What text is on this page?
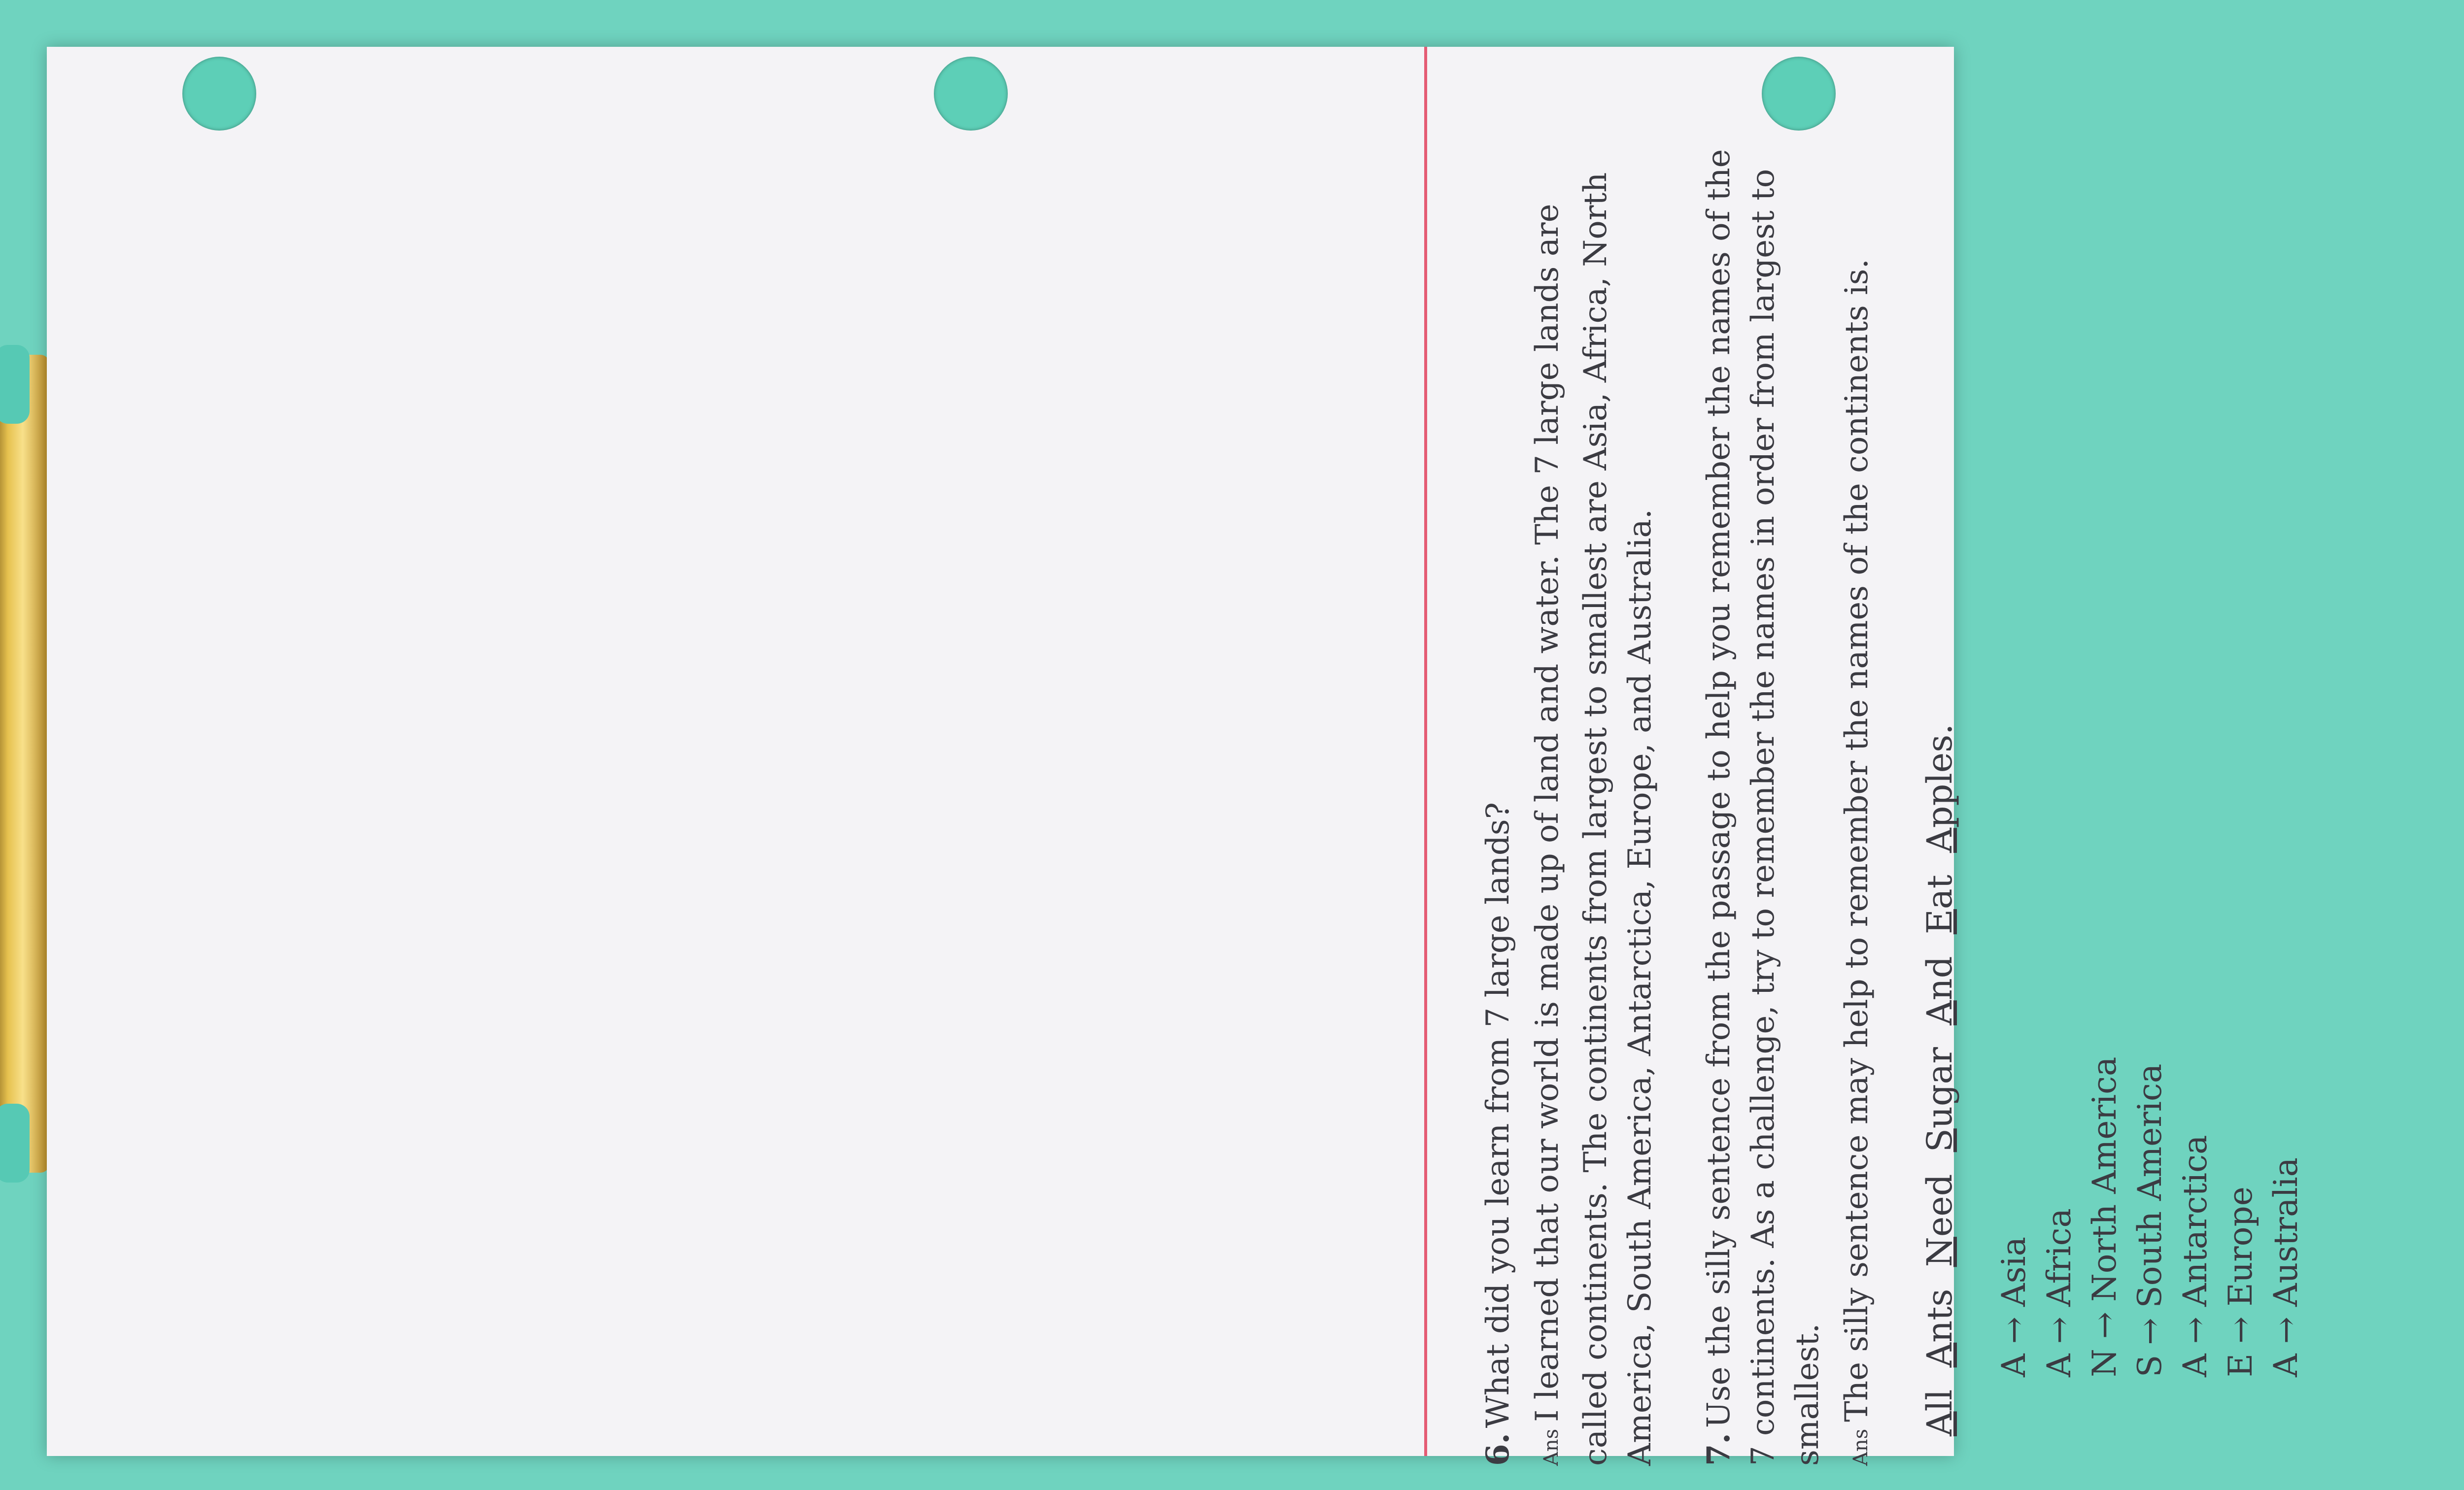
6.What did you learn from 7 large lands?
AnsI learned that our world is made up of land and water. The 7 large lands are called continents. The continents from largest to smallest are Asia, Africa, North America, South America, Antarctica, Europe, and Australia. 7.Use the silly sentence from the passage to help you remember the names of the 7 continents. As a challenge, try to remember the names in order from largest to smallest.	AnsThe silly sentence may help to remember the names of the continents is.
All Ants Need Sugar And Eat Apples.
A→Asia
A→Africa
N→North America
S→South America
A→Antarctica
E→Europe
A→Australia
